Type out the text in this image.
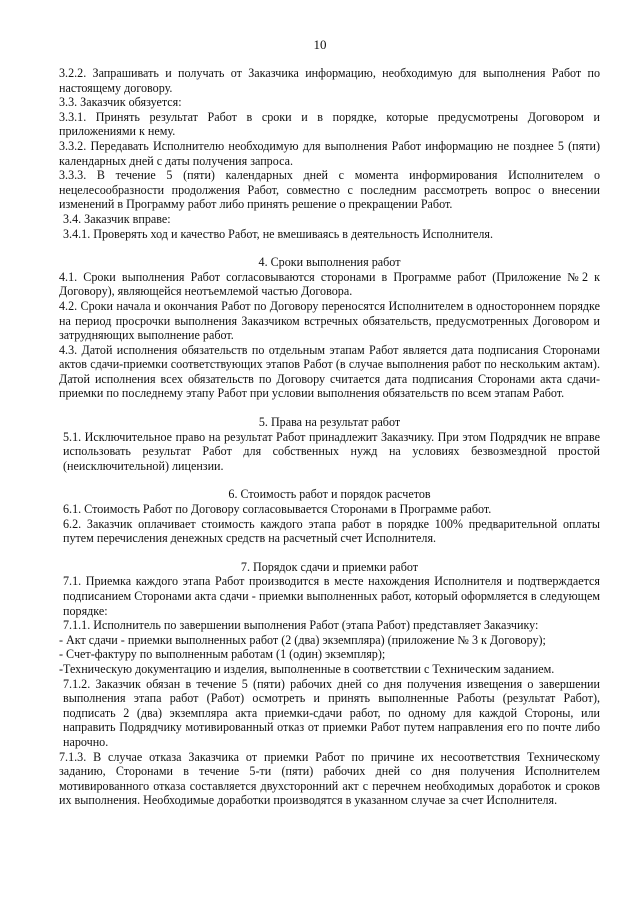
10
3.2.2. Запрашивать и получать от Заказчика информацию, необходимую для выполнения Работ по настоящему договору.
3.3. Заказчик обязуется:
3.3.1. Принять результат Работ в сроки и в порядке, которые предусмотрены Договором и приложениями к нему.
3.3.2. Передавать Исполнителю необходимую для выполнения Работ информацию не позднее 5 (пяти) календарных дней с даты получения запроса.
3.3.3. В течение 5 (пяти) календарных дней с момента информирования Исполнителем о нецелесообразности продолжения Работ, совместно с последним рассмотреть вопрос о внесении изменений в Программу работ либо принять решение о прекращении Работ.
3.4. Заказчик вправе:
3.4.1. Проверять ход и качество Работ, не вмешиваясь в деятельность Исполнителя.
4. Сроки выполнения работ
4.1. Сроки выполнения Работ согласовываются сторонами в Программе работ (Приложение №2 к Договору), являющейся неотъемлемой частью Договора.
4.2. Сроки начала и окончания Работ по Договору переносятся Исполнителем в одностороннем порядке на период просрочки выполнения Заказчиком встречных обязательств, предусмотренных Договором и затрудняющих выполнение работ.
4.3. Датой исполнения обязательств по отдельным этапам Работ является дата подписания Сторонами актов сдачи-приемки соответствующих этапов Работ (в случае выполнения работ по нескольким актам). Датой исполнения всех обязательств по Договору считается дата подписания Сторонами акта сдачи-приемки по последнему этапу Работ при условии выполнения обязательств по всем этапам Работ.
5. Права на результат работ
5.1. Исключительное право на результат Работ принадлежит Заказчику. При этом Подрядчик не вправе использовать результат Работ для собственных нужд на условиях безвозмездной простой (неисключительной) лицензии.
6. Стоимость работ и порядок расчетов
6.1. Стоимость Работ по Договору согласовывается Сторонами в Программе работ.
6.2. Заказчик оплачивает стоимость каждого этапа работ в порядке 100% предварительной оплаты путем перечисления денежных средств на расчетный счет Исполнителя.
7. Порядок сдачи и приемки работ
7.1. Приемка каждого этапа Работ производится в месте нахождения Исполнителя и подтверждается подписанием Сторонами акта сдачи - приемки выполненных работ, который оформляется в следующем порядке:
7.1.1. Исполнитель по завершении выполнения Работ (этапа Работ) представляет Заказчику:
- Акт сдачи - приемки выполненных работ (2 (два) экземпляра) (приложение № 3 к Договору);
- Счет-фактуру по выполненным работам (1 (один) экземпляр);
-Техническую документацию и изделия, выполненные в соответствии с Техническим заданием.
7.1.2. Заказчик обязан в течение 5 (пяти) рабочих дней со дня получения извещения о завершении выполнения этапа работ (Работ) осмотреть и принять выполненные Работы (результат Работ), подписать 2 (два) экземпляра акта приемки-сдачи работ, по одному для каждой Стороны, или направить Подрядчику мотивированный отказ от приемки Работ путем направления его по почте либо нарочно.
7.1.3. В случае отказа Заказчика от приемки Работ по причине их несоответствия Техническому заданию, Сторонами в течение 5-ти (пяти) рабочих дней со дня получения Исполнителем мотивированного отказа составляется двухсторонний акт с перечнем необходимых доработок и сроков их выполнения. Необходимые доработки производятся в указанном случае за счет Исполнителя.
